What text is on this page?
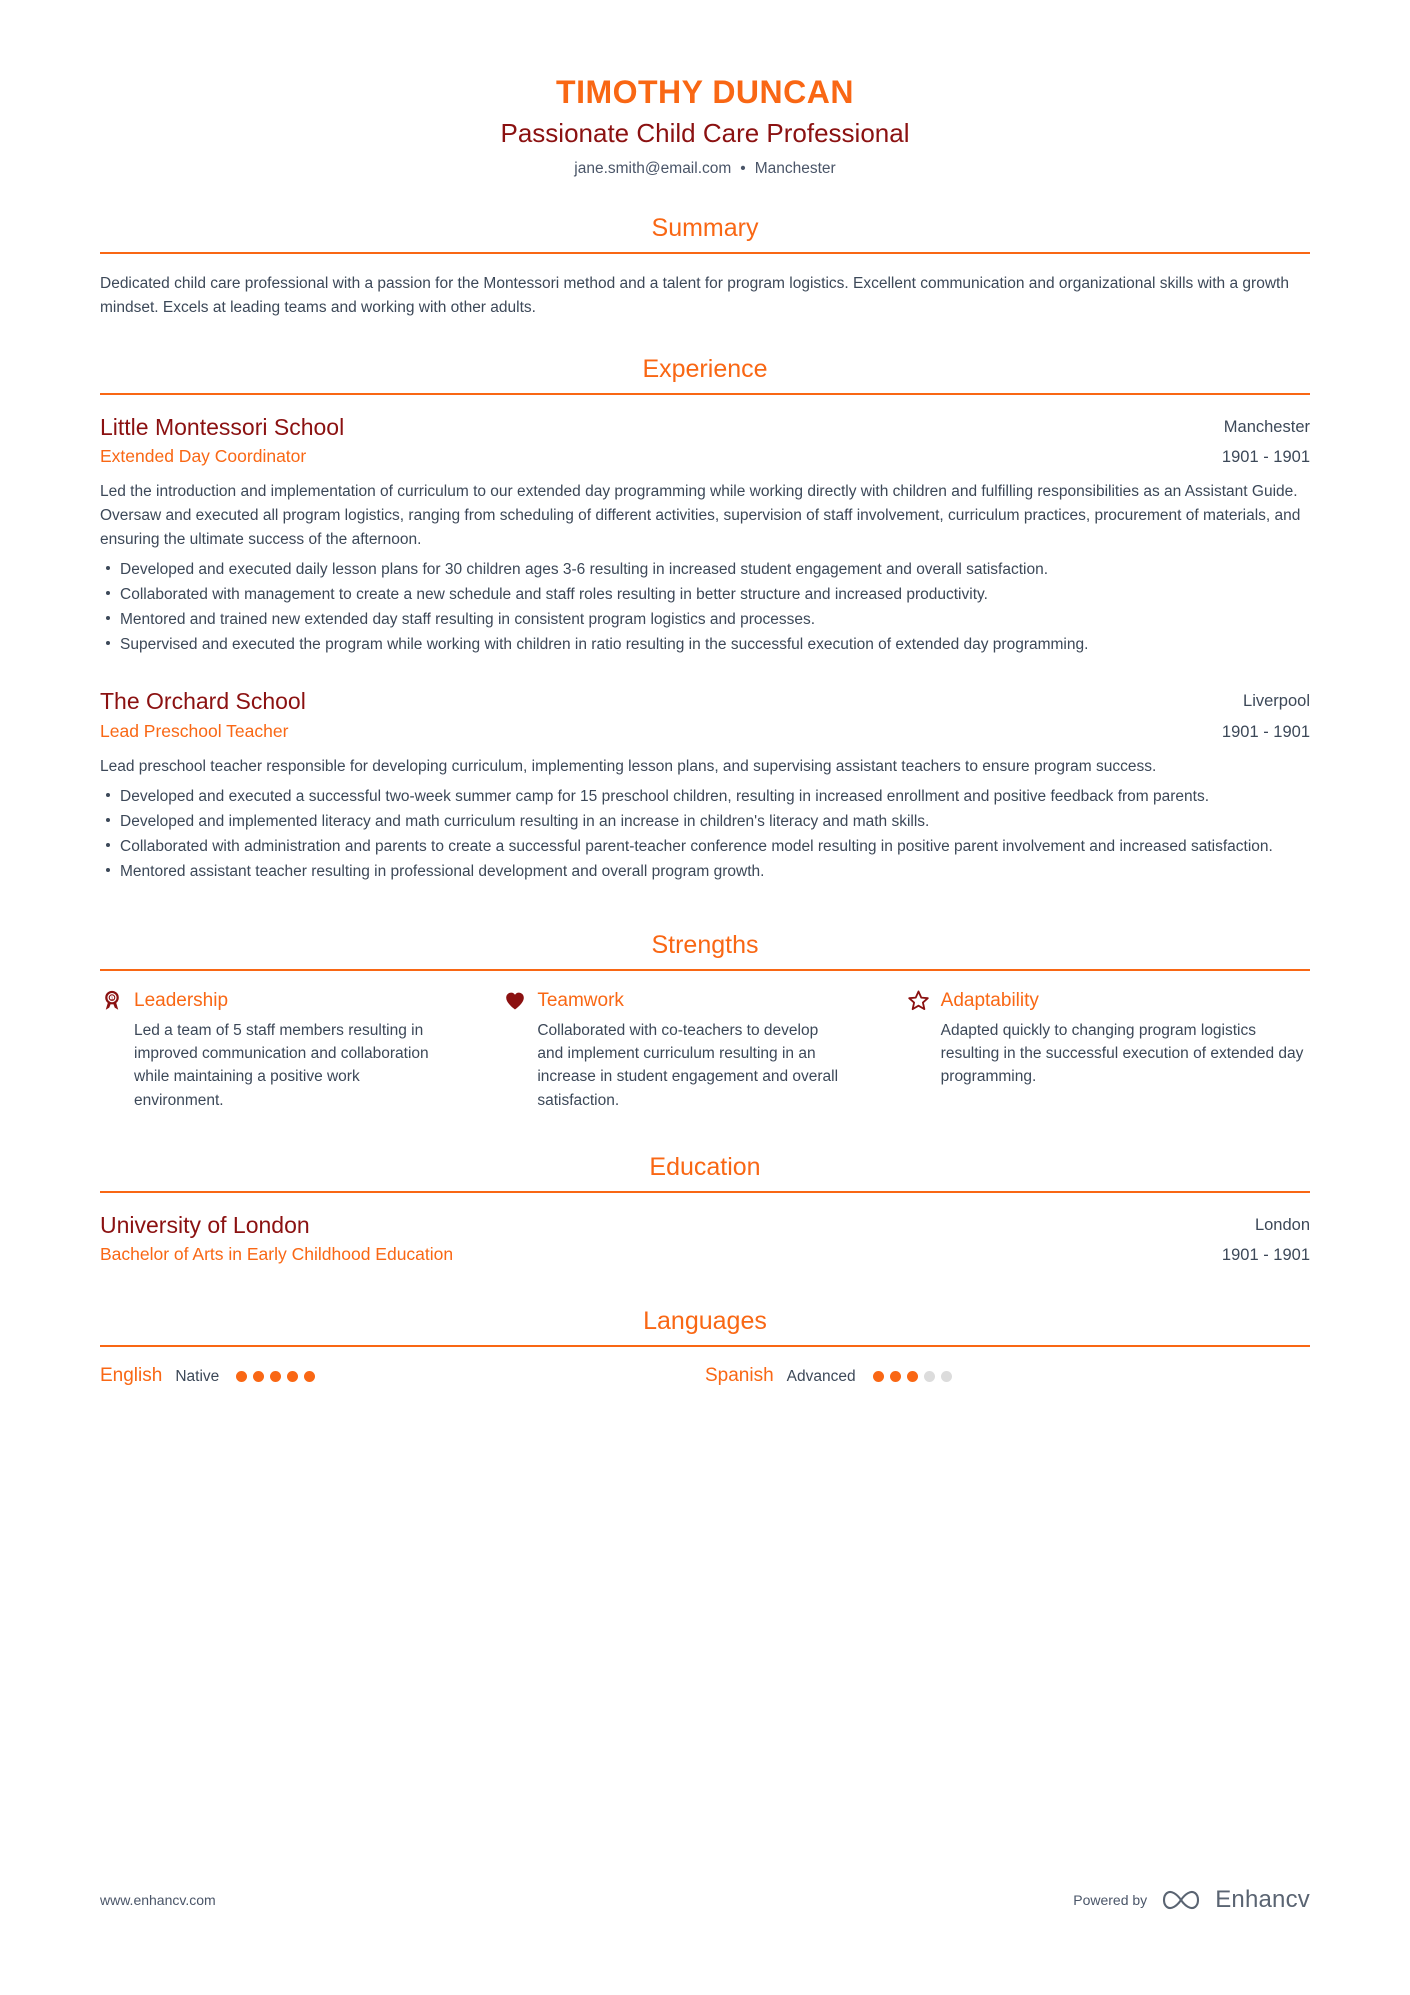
TIMOTHY DUNCAN
Passionate Child Care Professional
jane.smith@email.com • Manchester
Summary

Dedicated child care professional with a passion for the Montessori method and a talent for program logistics. Excellent communication and organizational skills with a growth mindset. Excels at leading teams and working with other adults.

Experience
Little Montessori School
Extended Day Coordinator
Manchester
1901 - 1901

Led the introduction and implementation of curriculum to our extended day programming while working directly with children and fulfilling responsibilities as an Assistant Guide. Oversaw and executed all program logistics, ranging from scheduling of different activities, supervision of staff involvement, curriculum practices, procurement of materials, and ensuring the ultimate success of the afternoon.

Developed and executed daily lesson plans for 30 children ages 3-6 resulting in increased student engagement and overall satisfaction.
Collaborated with management to create a new schedule and staff roles resulting in better structure and increased productivity.
Mentored and trained new extended day staff resulting in consistent program logistics and processes.
Supervised and executed the program while working with children in ratio resulting in the successful execution of extended day programming.
The Orchard School
Lead Preschool Teacher
Liverpool
1901 - 1901

Lead preschool teacher responsible for developing curriculum, implementing lesson plans, and supervising assistant teachers to ensure program success.

Developed and executed a successful two-week summer camp for 15 preschool children, resulting in increased enrollment and positive feedback from parents.
Developed and implemented literacy and math curriculum resulting in an increase in children's literacy and math skills.
Collaborated with administration and parents to create a successful parent-teacher conference model resulting in positive parent involvement and increased satisfaction.
Mentored assistant teacher resulting in professional development and overall program growth.
Strengths
1 Leadership

Led a team of 5 staff members resulting in improved communication and collaboration while maintaining a positive work environment.

Teamwork

Collaborated with co-teachers to develop and implement curriculum resulting in an increase in student engagement and overall satisfaction.

Adaptability

Adapted quickly to changing program logistics resulting in the successful execution of extended day programming.

Education
University of London
Bachelor of Arts in Early Childhood Education
London
1901 - 1901
Languages
English Native	Spanish Advanced
www.enhancv.com	Powered by	Enhancv
